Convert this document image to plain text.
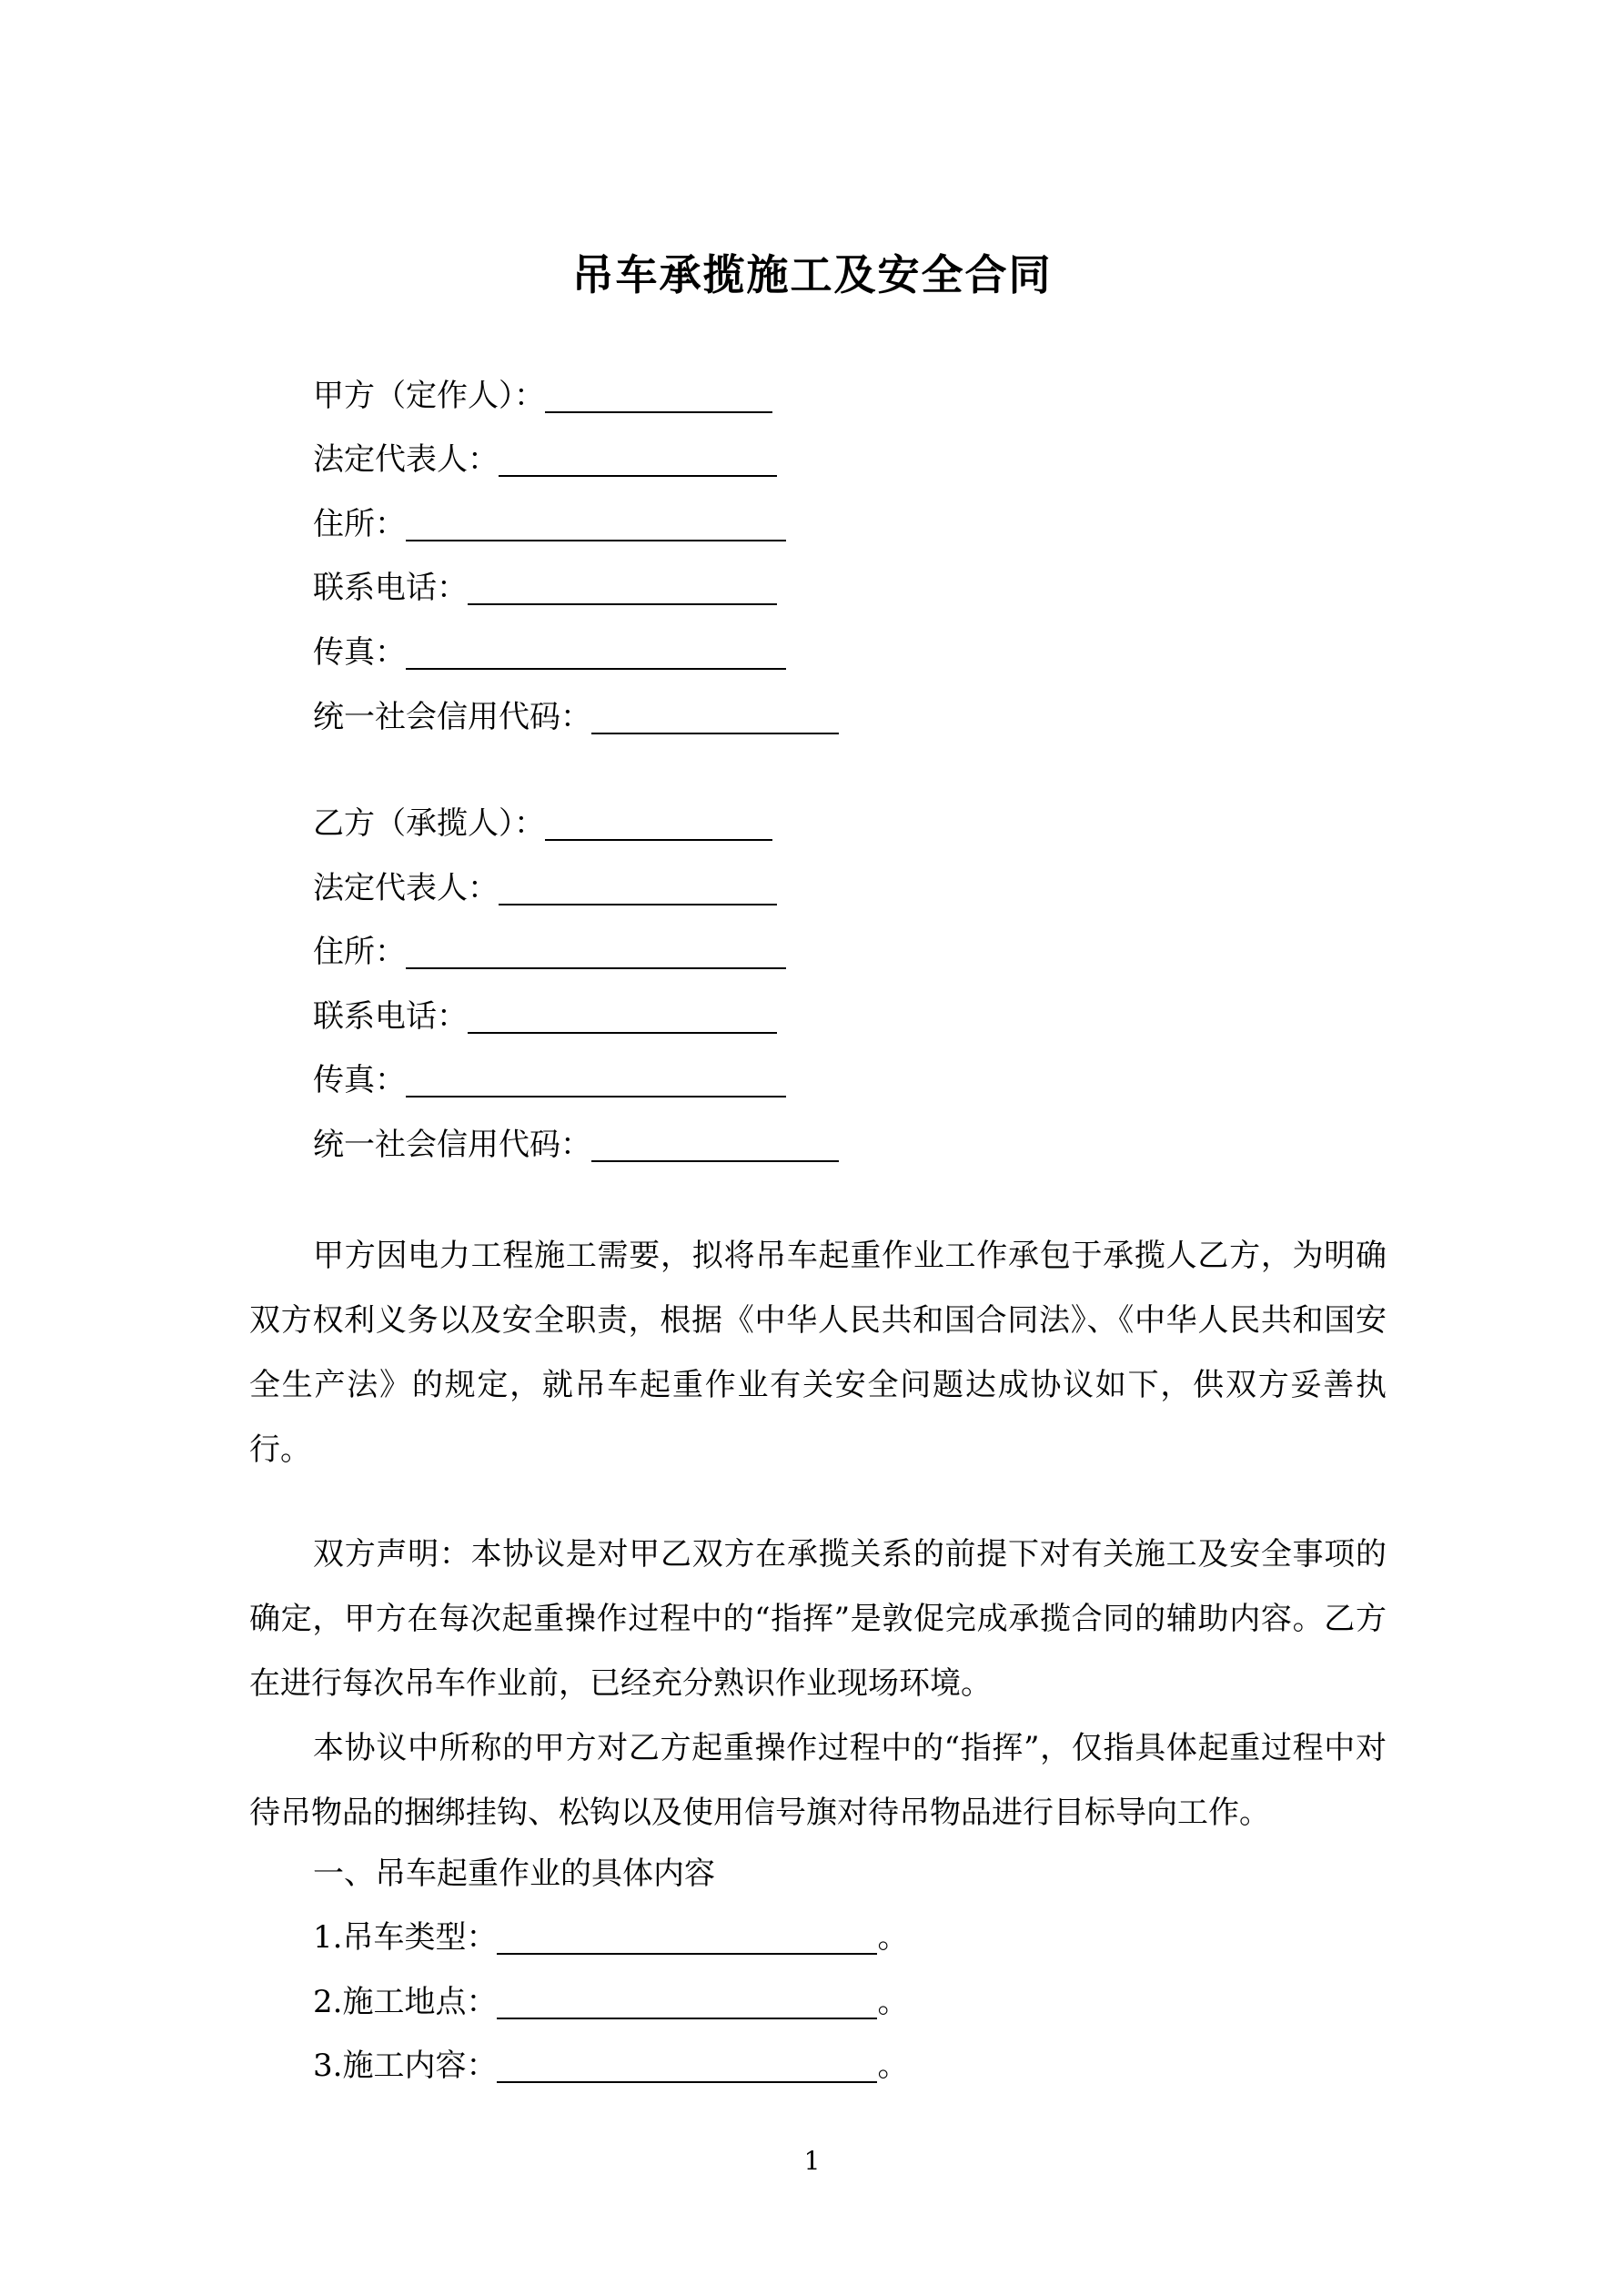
吊车承揽施工及安全合同
甲方（定作人）：
法定代表人：
住所：
联系电话：
传真：
统一社会信用代码：
乙方（承揽人）：
法定代表人：
住所：
联系电话：
传真：
统一社会信用代码：
甲方因电力工程施工需要，拟将吊车起重作业工作承包于承揽人乙方，为明确双方权利义务以及安全职责，根据《中华人民共和国合同法》、《中华人民共和国安全生产法》的规定，就吊车起重作业有关安全问题达成协议如下，供双方妥善执行。
双方声明：本协议是对甲乙双方在承揽关系的前提下对有关施工及安全事项的确定，甲方在每次起重操作过程中的“指挥”是敦促完成承揽合同的辅助内容。乙方在进行每次吊车作业前，已经充分熟识作业现场环境。
本协议中所称的甲方对乙方起重操作过程中的“指挥”，仅指具体起重过程中对待吊物品的捆绑挂钩、松钩以及使用信号旗对待吊物品进行目标导向工作。
一、吊车起重作业的具体内容
1.吊车类型：	。
2.施工地点：	。
3.施工内容：	。
1
